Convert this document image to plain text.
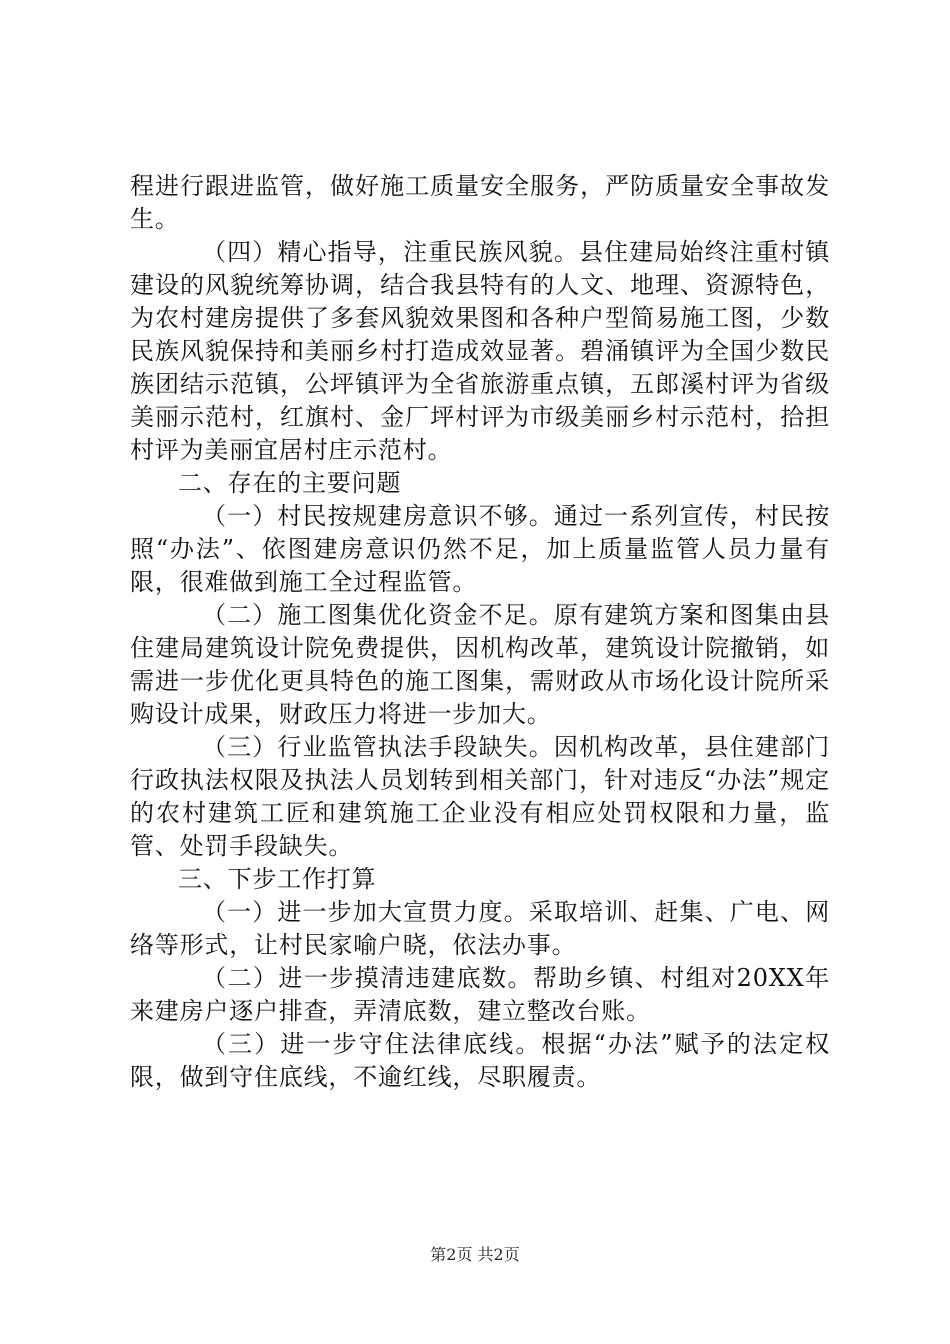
程进行跟进监管，做好施工质量安全服务，严防质量安全事故发生。

（四）精心指导，注重民族风貌。县住建局始终注重村镇建设的风貌统筹协调，结合我县特有的人文、地理、资源特色，为农村建房提供了多套风貌效果图和各种户型简易施工图，少数民族风貌保持和美丽乡村打造成效显著。碧涌镇评为全国少数民族团结示范镇，公坪镇评为全省旅游重点镇，五郎溪村评为省级美丽示范村，红旗村、金厂坪村评为市级美丽乡村示范村，拾担村评为美丽宜居村庄示范村。

二、存在的主要问题

（一）村民按规建房意识不够。通过一系列宣传，村民按照“办法”、依图建房意识仍然不足，加上质量监管人员力量有限，很难做到施工全过程监管。

（二）施工图集优化资金不足。原有建筑方案和图集由县住建局建筑设计院免费提供，因机构改革，建筑设计院撤销，如需进一步优化更具特色的施工图集，需财政从市场化设计院所采购设计成果，财政压力将进一步加大。

（三）行业监管执法手段缺失。因机构改革，县住建部门行政执法权限及执法人员划转到相关部门，针对违反“办法”规定的农村建筑工匠和建筑施工企业没有相应处罚权限和力量，监管、处罚手段缺失。

三、下步工作打算

（一）进一步加大宣贯力度。采取培训、赶集、广电、网络等形式，让村民家喻户晓，依法办事。

（二）进一步摸清违建底数。帮助乡镇、村组对20XX年来建房户逐户排查，弄清底数，建立整改台账。

（三）进一步守住法律底线。根据“办法”赋予的法定权限，做到守住底线，不逾红线，尽职履责。

第2页 共2页
